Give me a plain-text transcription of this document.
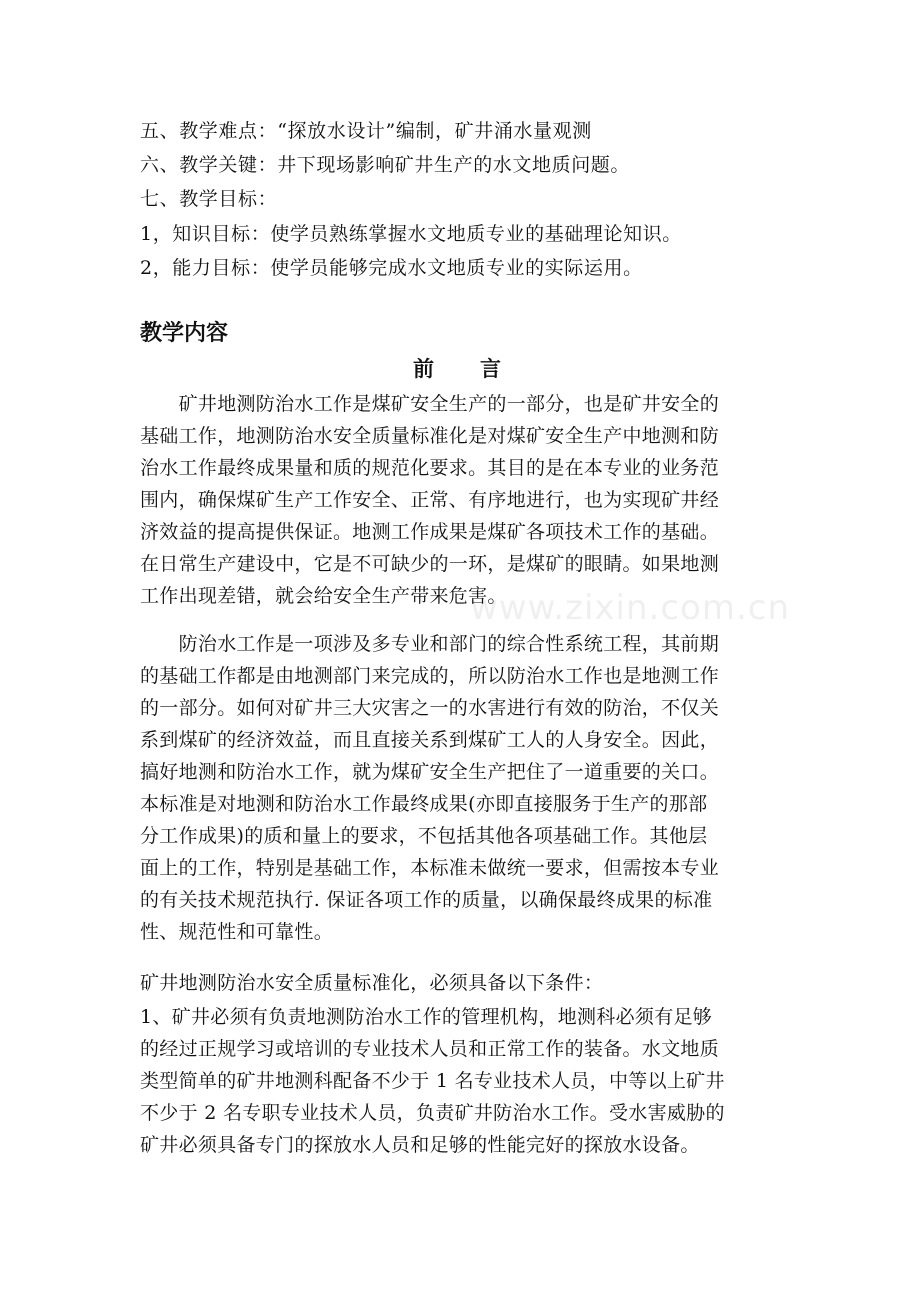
五、教学难点：“探放水设计”编制，矿井涌水量观测
六、教学关键：井下现场影响矿井生产的水文地质问题。
七、教学目标：
1，知识目标：使学员熟练掌握水文地质专业的基础理论知识。
2，能力目标：使学员能够完成水文地质专业的实际运用。
教学内容
前言
　　矿井地测防治水工作是煤矿安全生产的一部分，也是矿井安全的
基础工作，地测防治水安全质量标准化是对煤矿安全生产中地测和防
治水工作最终成果量和质的规范化要求。其目的是在本专业的业务范
围内，确保煤矿生产工作安全、正常、有序地进行，也为实现矿井经
济效益的提高提供保证。地测工作成果是煤矿各项技术工作的基础。
在日常生产建设中，它是不可缺少的一环，是煤矿的眼睛。如果地测
工作出现差错，就会给安全生产带来危害。
　　防治水工作是一项涉及多专业和部门的综合性系统工程，其前期
的基础工作都是由地测部门来完成的，所以防治水工作也是地测工作
的一部分。如何对矿井三大灾害之一的水害进行有效的防治，不仅关
系到煤矿的经济效益，而且直接关系到煤矿工人的人身安全。因此，
搞好地测和防治水工作，就为煤矿安全生产把住了一道重要的关口。
本标准是对地测和防治水工作最终成果(亦即直接服务于生产的那部
分工作成果)的质和量上的要求，不包括其他各项基础工作。其他层
面上的工作，特别是基础工作，本标准未做统一要求，但需按本专业
的有关技术规范执行. 保证各项工作的质量，以确保最终成果的标准
性、规范性和可靠性。
矿井地测防治水安全质量标准化，必须具备以下条件：
1、矿井必须有负责地测防治水工作的管理机构，地测科必须有足够
的经过正规学习或培训的专业技术人员和正常工作的装备。水文地质
类型简单的矿井地测科配备不少于 1 名专业技术人员，中等以上矿井
不少于 2 名专职专业技术人员，负责矿井防治水工作。受水害威胁的
矿井必须具备专门的探放水人员和足够的性能完好的探放水设备。
www.zixin.com.cn
